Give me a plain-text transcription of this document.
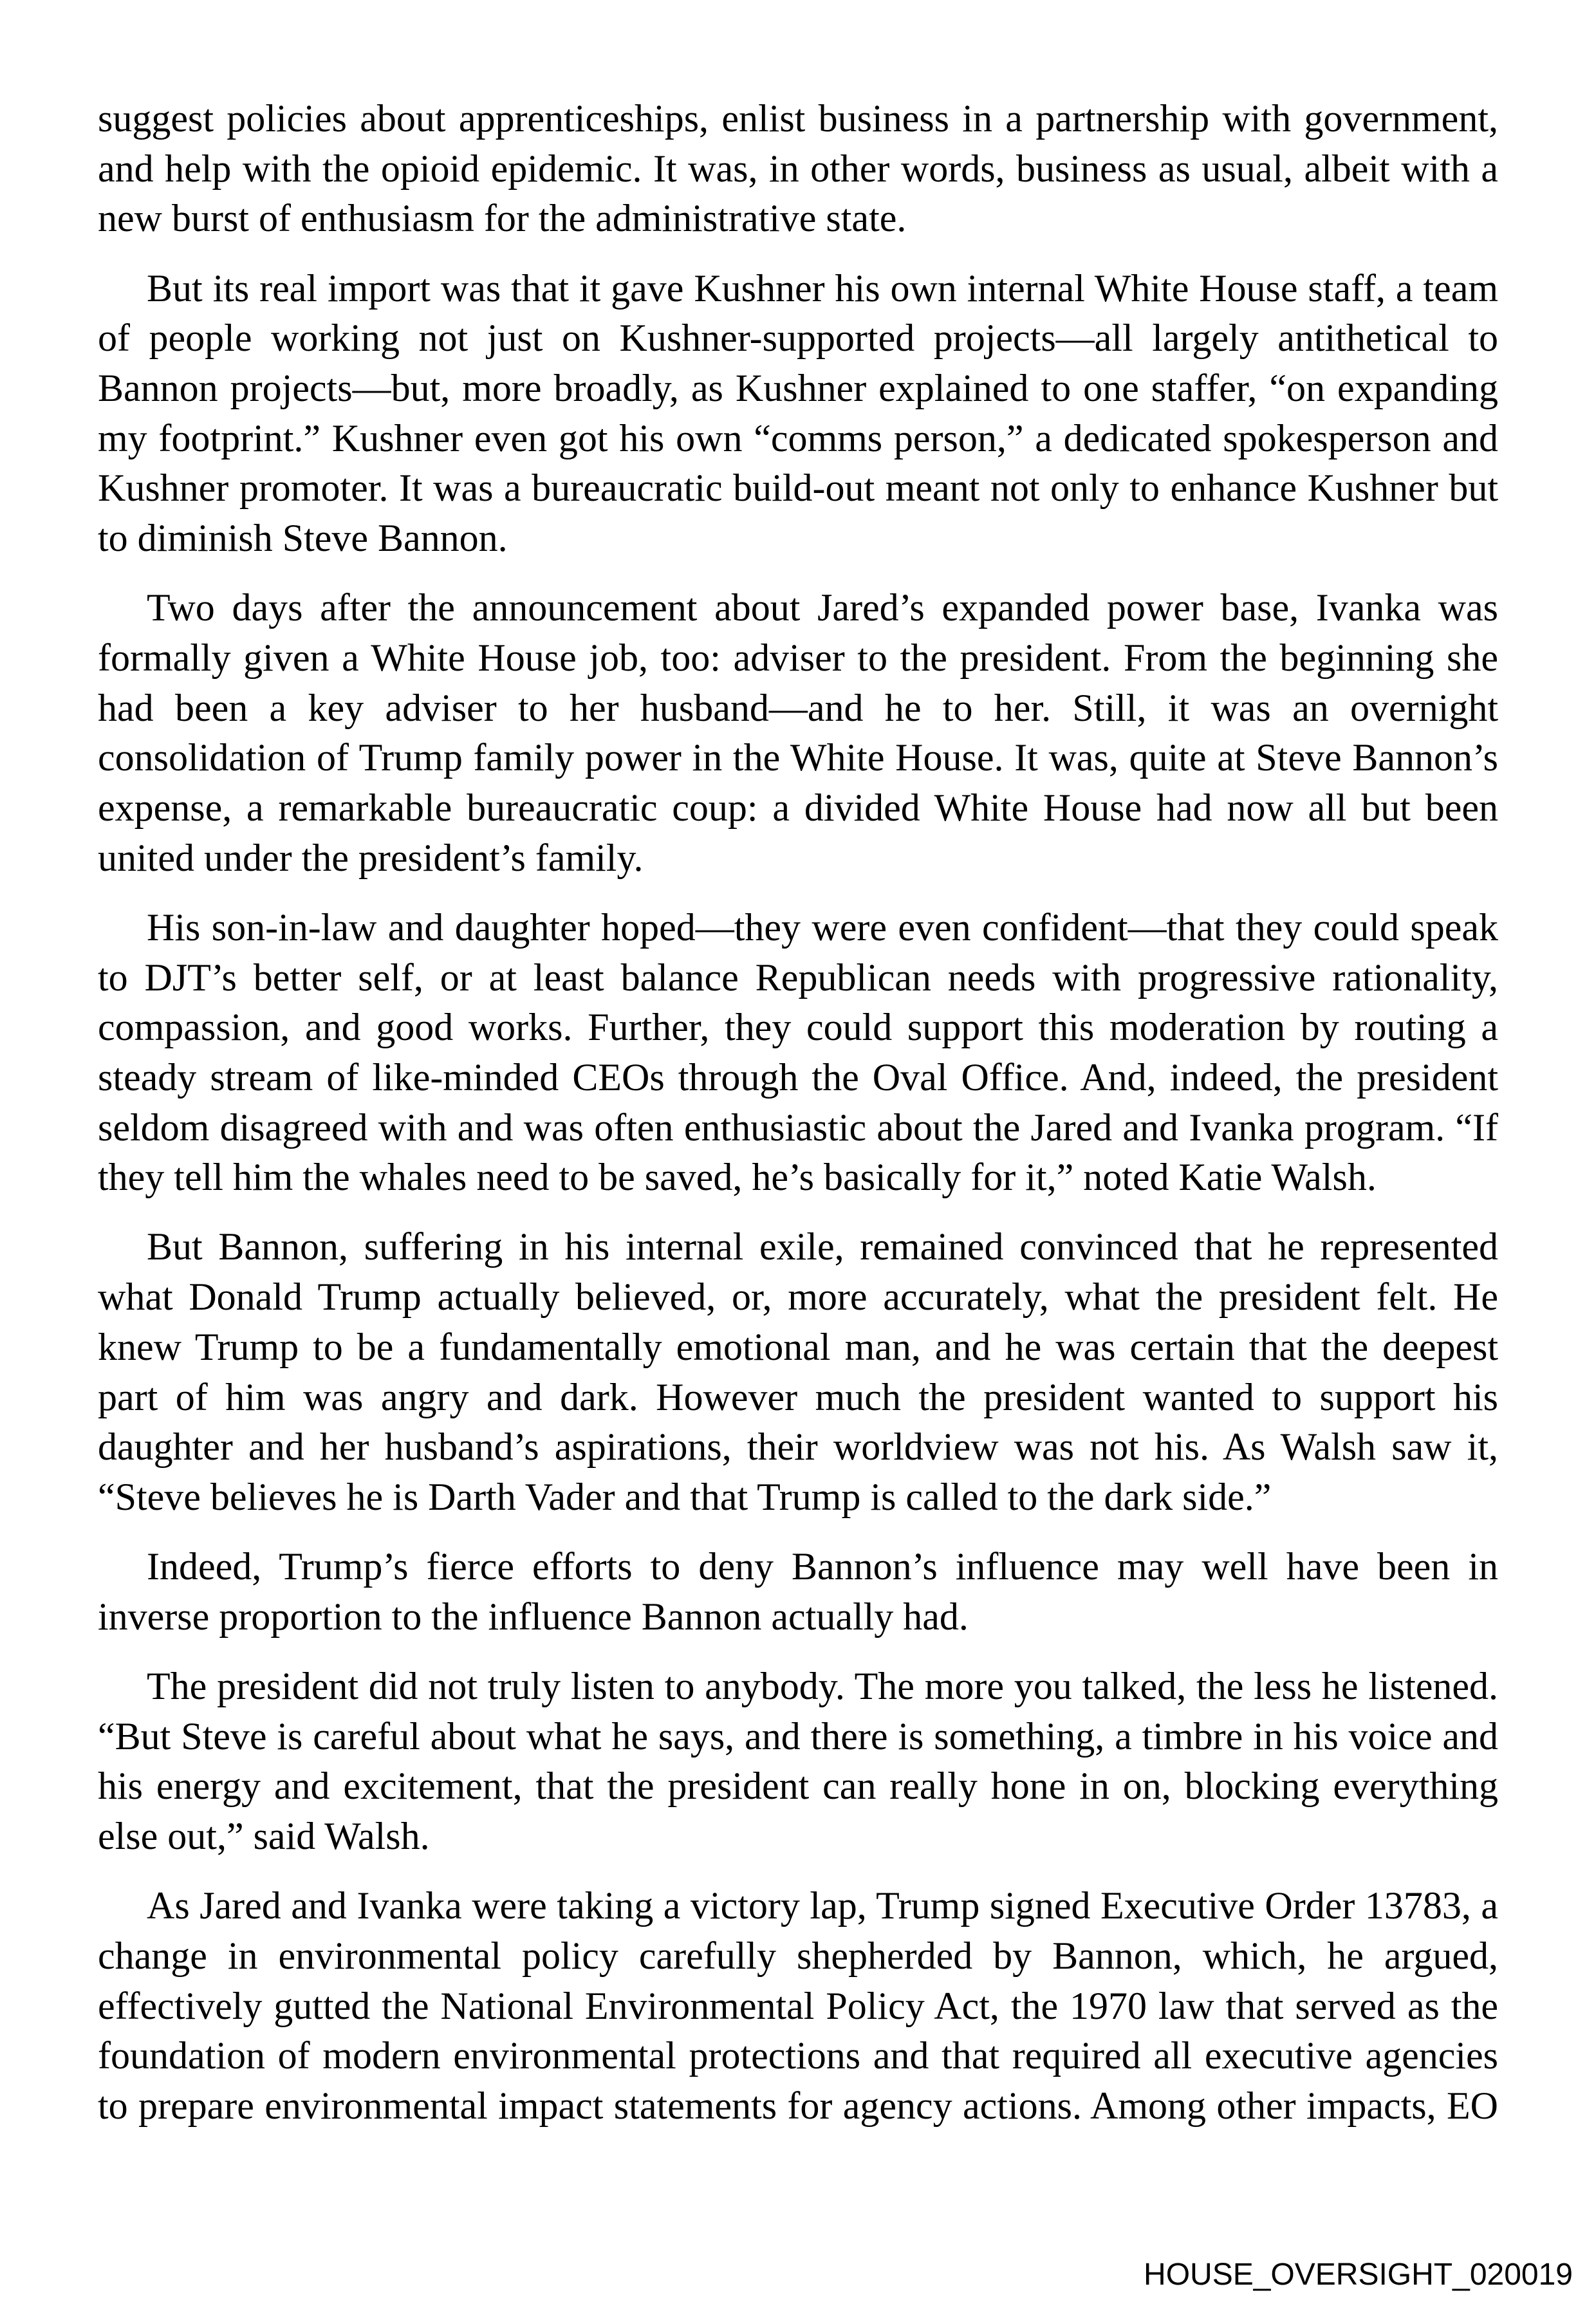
suggest policies about apprenticeships, enlist business in a partnership with government,
and help with the opioid epidemic. It was, in other words, business as usual, albeit with a
new burst of enthusiasm for the administrative state.
But its real import was that it gave Kushner his own internal White House staff, a team
of people working not just on Kushner-supported projects—all largely antithetical to
Bannon projects—but, more broadly, as Kushner explained to one staffer, “on expanding
my footprint.” Kushner even got his own “comms person,” a dedicated spokesperson and
Kushner promoter. It was a bureaucratic build-out meant not only to enhance Kushner but
to diminish Steve Bannon.
Two days after the announcement about Jared’s expanded power base, Ivanka was
formally given a White House job, too: adviser to the president. From the beginning she
had been a key adviser to her husband—and he to her. Still, it was an overnight
consolidation of Trump family power in the White House. It was, quite at Steve Bannon’s
expense, a remarkable bureaucratic coup: a divided White House had now all but been
united under the president’s family.
His son-in-law and daughter hoped—they were even confident—that they could speak
to DJT’s better self, or at least balance Republican needs with progressive rationality,
compassion, and good works. Further, they could support this moderation by routing a
steady stream of like-minded CEOs through the Oval Office. And, indeed, the president
seldom disagreed with and was often enthusiastic about the Jared and Ivanka program. “If
they tell him the whales need to be saved, he’s basically for it,” noted Katie Walsh.
But Bannon, suffering in his internal exile, remained convinced that he represented
what Donald Trump actually believed, or, more accurately, what the president felt. He
knew Trump to be a fundamentally emotional man, and he was certain that the deepest
part of him was angry and dark. However much the president wanted to support his
daughter and her husband’s aspirations, their worldview was not his. As Walsh saw it,
“Steve believes he is Darth Vader and that Trump is called to the dark side.”
Indeed, Trump’s fierce efforts to deny Bannon’s influence may well have been in
inverse proportion to the influence Bannon actually had.
The president did not truly listen to anybody. The more you talked, the less he listened.
“But Steve is careful about what he says, and there is something, a timbre in his voice and
his energy and excitement, that the president can really hone in on, blocking everything
else out,” said Walsh.
As Jared and Ivanka were taking a victory lap, Trump signed Executive Order 13783, a
change in environmental policy carefully shepherded by Bannon, which, he argued,
effectively gutted the National Environmental Policy Act, the 1970 law that served as the
foundation of modern environmental protections and that required all executive agencies
to prepare environmental impact statements for agency actions. Among other impacts, EO
HOUSE_OVERSIGHT_020019
